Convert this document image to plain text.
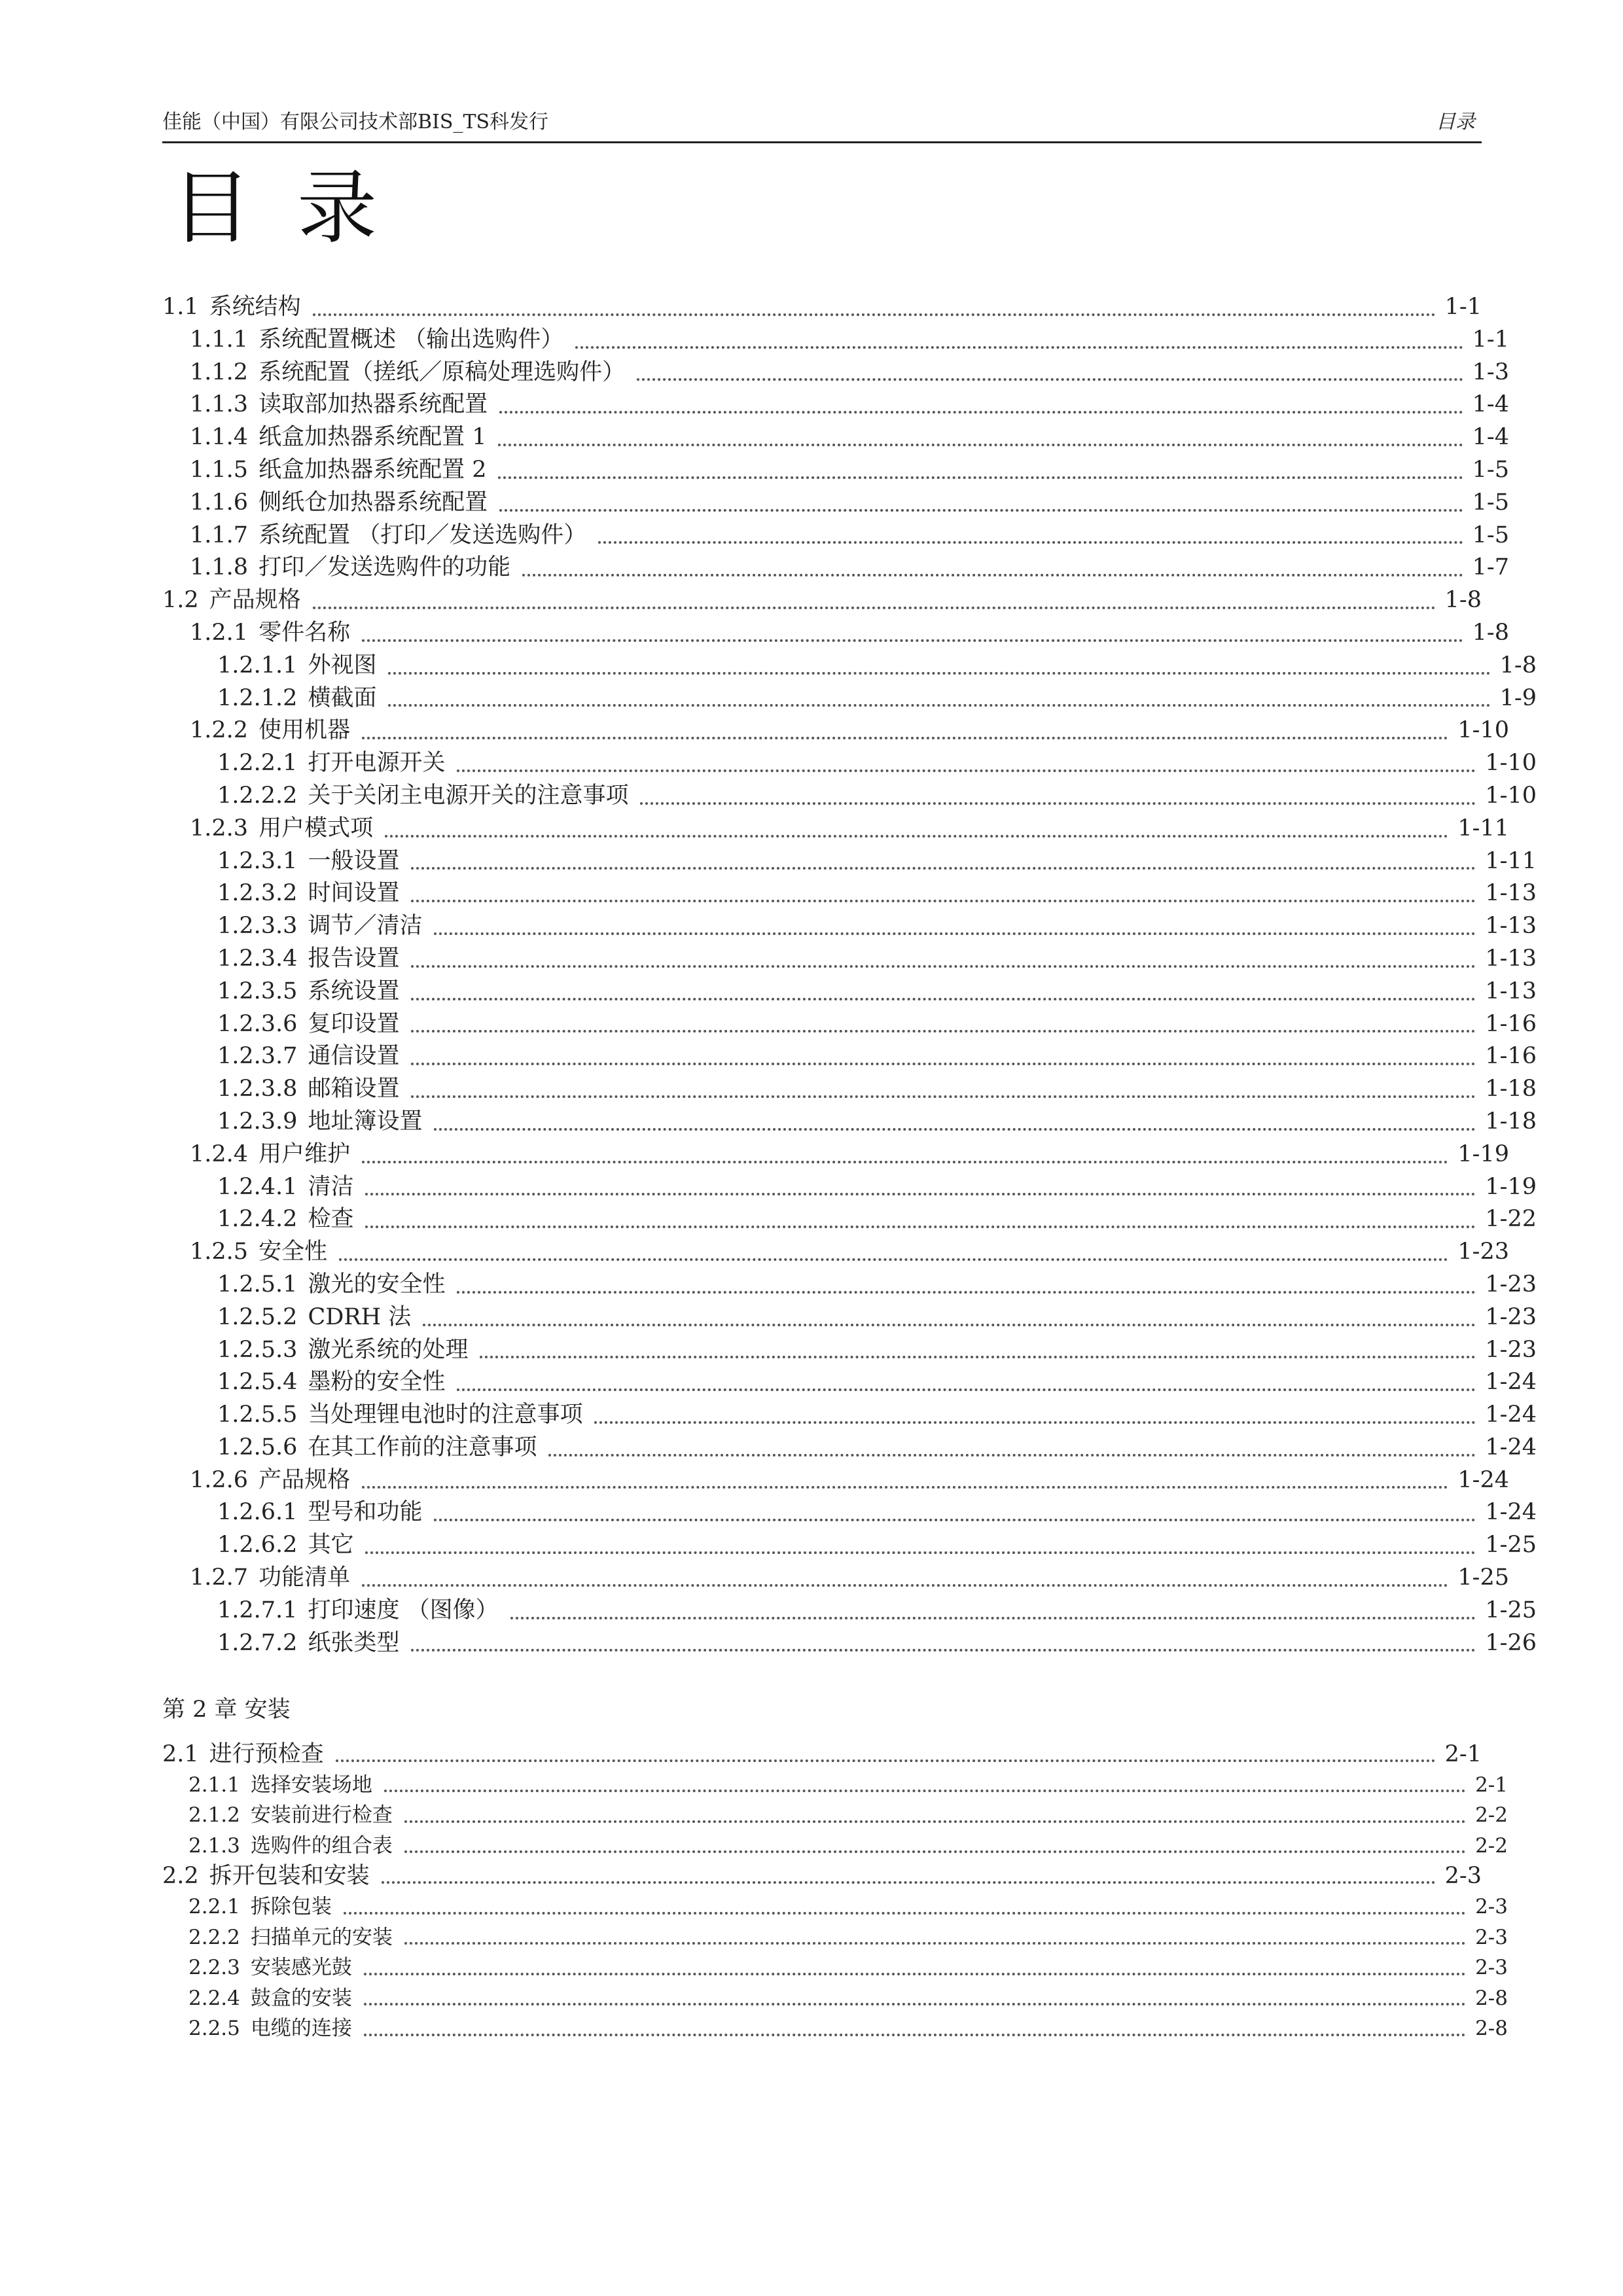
佳能（中国）有限公司技术部BIS_TS科发行	目录
目录
1.1 系统结构	1-1
1.1.1 系统配置概述 （输出选购件）	1-1
1.1.2 系统配置（搓纸／原稿处理选购件）	1-3
1.1.3 读取部加热器系统配置	1-4
1.1.4 纸盒加热器系统配置 1	1-4
1.1.5 纸盒加热器系统配置 2	1-5
1.1.6 侧纸仓加热器系统配置	1-5
1.1.7 系统配置 （打印／发送选购件）	1-5
1.1.8 打印／发送选购件的功能	1-7
1.2 产品规格	1-8
1.2.1 零件名称	1-8
1.2.1.1 外视图	1-8
1.2.1.2 横截面	1-9
1.2.2 使用机器	1-10
1.2.2.1 打开电源开关	1-10
1.2.2.2 关于关闭主电源开关的注意事项	1-10
1.2.3 用户模式项	1-11
1.2.3.1 一般设置	1-11
1.2.3.2 时间设置	1-13
1.2.3.3 调节／清洁	1-13
1.2.3.4 报告设置	1-13
1.2.3.5 系统设置	1-13
1.2.3.6 复印设置	1-16
1.2.3.7 通信设置	1-16
1.2.3.8 邮箱设置	1-18
1.2.3.9 地址簿设置	1-18
1.2.4 用户维护	1-19
1.2.4.1 清洁	1-19
1.2.4.2 检查	1-22
1.2.5 安全性	1-23
1.2.5.1 激光的安全性	1-23
1.2.5.2 CDRH 法	1-23
1.2.5.3 激光系统的处理	1-23
1.2.5.4 墨粉的安全性	1-24
1.2.5.5 当处理锂电池时的注意事项	1-24
1.2.5.6 在其工作前的注意事项	1-24
1.2.6 产品规格	1-24
1.2.6.1 型号和功能	1-24
1.2.6.2 其它	1-25
1.2.7 功能清单	1-25
1.2.7.1 打印速度 （图像）	1-25
1.2.7.2 纸张类型	1-26
第 2 章 安装
2.1 进行预检查	2-1
2.1.1 选择安装场地	2-1
2.1.2 安装前进行检查	2-2
2.1.3 选购件的组合表	2-2
2.2 拆开包装和安装	2-3
2.2.1 拆除包装	2-3
2.2.2 扫描单元的安装	2-3
2.2.3 安装感光鼓	2-3
2.2.4 鼓盒的安装	2-8
2.2.5 电缆的连接	2-8
